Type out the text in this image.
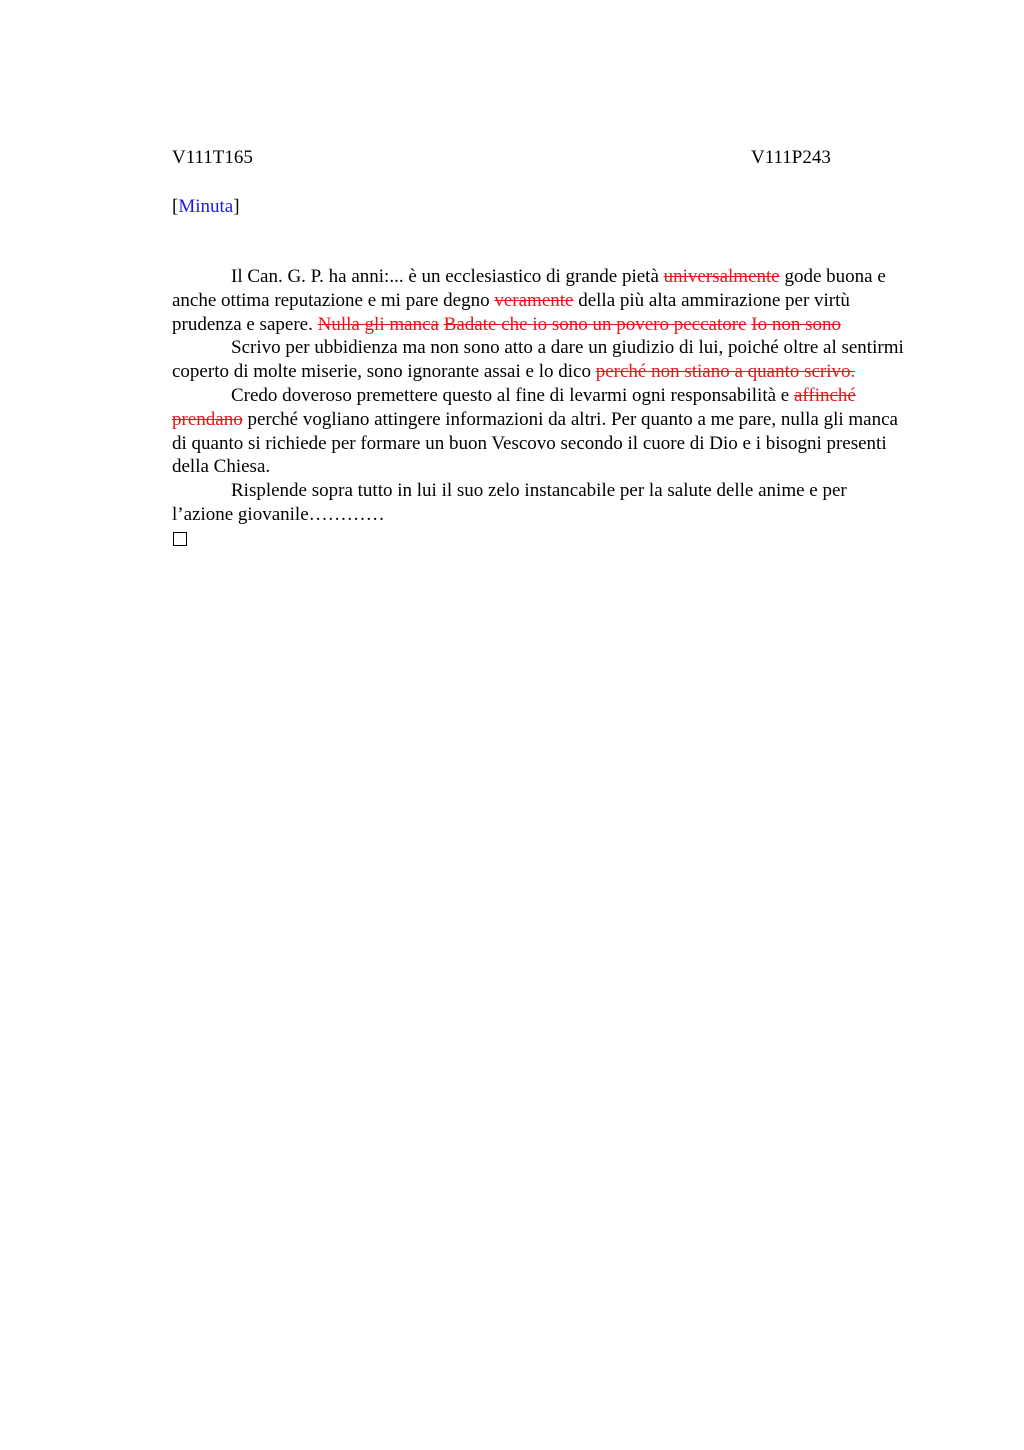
V111T165	V111P243
[Minuta]

Il Can. G. P. ha anni:... è un ecclesiastico di grande pietà universalmente gode buona e anche ottima reputazione e mi pare degno veramente della più alta ammirazione per virtù prudenza e sapere. Nulla gli manca Badate che io sono un povero peccatore Io non sono

Scrivo per ubbidienza ma non sono atto a dare un giudizio di lui, poiché oltre al sentirmi coperto di molte miserie, sono ignorante assai e lo dico perché non stiano a quanto scrivo.

Credo doveroso premettere questo al fine di levarmi ogni responsabilità e affinché prendano perché vogliano attingere informazioni da altri. Per quanto a me pare, nulla gli manca di quanto si richiede per formare un buon Vescovo secondo il cuore di Dio e i bisogni presenti della Chiesa.

Risplende sopra tutto in lui il suo zelo instancabile per la salute delle anime e per l’azione giovanile…………
